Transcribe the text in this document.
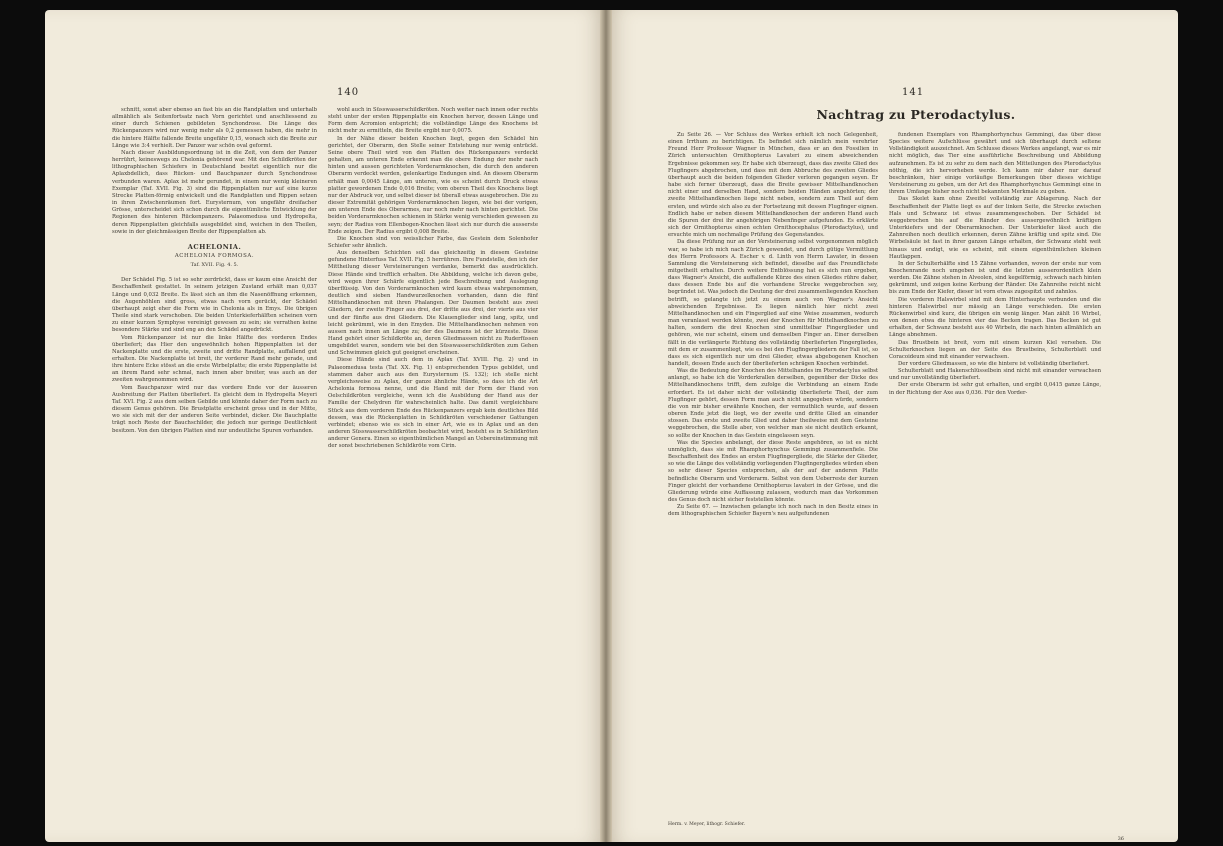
140

schnitt, sonst aber ebenso an fast bis an die Randplatten und unterhalb allmählich als Seitenfortsatz nach Vorn gerichtet und anschliessend zu einer durch Schienen gebildeten Synchondrose. Die Länge des Rückenpanzers wird nur wenig mehr als 0,2 gemessen haben, die mehr in die hintere Hälfte fallende Breite ungefähr 0,15, wonach sich die Breite zur Länge wie 3:4 verhielt. Der Panzer war schön oval geformt.

Nach dieser Ausbildungsordnung ist in die Zeit, von dem der Panzer herrührt, keineswegs zu Chelonia gehörend war. Mit den Schildkröten der lithographischen Schiefers in Deutschland besitzt eigentlich nur die Aplaxbdellich, dass Rücken- und Bauchpanzer durch Synchondrose verbunden waren. Aplax ist mehr gerundet, in einem nur wenig kleineren Exemplar (Taf. XVII. Fig. 3) sind die Rippenplatten nur auf eine kurze Strecke Platten-förmig entwickelt und die Randplatten und Rippen setzen in ihren Zwischenräumen fort. Eurysternum, von ungefähr dreifacher Grösse, unterscheidet sich schon durch die eigentümliche Entwicklung der Regionen des hinteren Rückenpanzers. Palaeomedusa und Hydropelta, deren Rippenplatten gleichfalls ausgebildet sind, weichen in den Theilen, sowie in der gleichmässigen Breite der Rippenplatten ab.

ACHELONIA.

ACHELONIA FORMOSA.

Taf. XVII. Fig. 4. 5.

Der Schädel Fig. 5 ist so sehr zerdrückt, dass er kaum eine Ansicht der Beschaffenheit gestattet. In seinem jetzigen Zustand erhält man 0,037 Länge und 0,032 Breite. Es lässt sich an ihm die Nasenöffnung erkennen, die Augenhöhlen sind gross, etwas nach vorn gerückt, der Schädel überhaupt zeigt eher die Form wie in Chelonia als in Emys. Die übrigen Theile sind stark verschoben. Die beiden Unterkieferhälften scheinen vorn zu einer kurzen Symphyse vereinigt gewesen zu sein; sie verrathen keine besondere Stärke und sind eng an den Schädel angedrückt.

Vom Rückenpanzer ist nur die linke Hälfte des vorderen Endes überliefert; das Hier den ungewöhnlich hohen Rippenplatten ist der Nackenplatte und die erste, zweite und dritte Randplatte, auffallend gut erhalten. Die Nackenplatte ist breit, ihr vorderer Rand mehr gerade, und ihre hintere Ecke stösst an die erste Wirbelplatte; die erste Rippenplatte ist an ihrem Rand sehr schmal, nach innen aber breiter, was auch an der zweiten wahrgenommen wird.

Vom Bauchpanzer wird nur das vordere Ende vor der äusseren Ausbreitung der Platten überliefert. Es gleicht dem in Hydropelta Meyeri Taf. XVI. Fig. 2 aus dem selben Gebilde und könnte daher der Form nach zu diesem Genus gehören. Die Brustplatte erscheint gross und in der Mitte, wo sie sich mit der der anderen Seite verbindet, dicker. Die Bauchplatte trägt noch Reste der Bauchschilder, die jedoch nur geringe Deutlichkeit besitzen. Von den übrigen Platten sind nur undeutliche Spuren vorhanden.

wohl auch in Süsswasserschildkröten. Noch weiter nach innen oder rechts steht unter der ersten Rippenplatte ein Knochen hervor, dessen Länge und Form dem Acromion entspricht; die vollständige Länge des Knochens ist nicht mehr zu ermitteln, die Breite ergibt nur 0,0075.

In der Nähe dieser beiden Knochen liegt, gegen den Schädel hin gerichtet, der Oberarm, den Stelle seiner Entstehung nur wenig entrückt. Seine obere Theil wird von den Platten des Rückenpanzers verdeckt gehalten, am unteren Ende erkennt man die obere Endung der mehr nach hinten und aussen gerichteten Vorderarmknochen, die durch den anderen Oberarm verdeckt werden, gelenkartige Endungen sind. An diesem Oberarm erhält man 0,0045 Länge, am unteren, wie es scheint durch Druck etwas platter gewordenen Ende 0,016 Breite; vom oberen Theil des Knochens liegt nur der Abdruck vor, und selbst dieser ist überall etwas ausgebrochen. Die zu dieser Extremität gehörigen Vorderarmknochen liegen, wie bei der vorigen, am unteren Ende des Oberarmes, nur noch mehr nach hinten gerichtet. Die beiden Vorderarmknochen schienen in Stärke wenig verschieden gewesen zu seyn; der Radius vom Ellenbogen-Knochen lässt sich nur durch die ausserste Ende zeigen. Der Radius ergibt 0,008 Breite.

Die Knochen sind von weisslicher Farbe, das Gestein dem Solenhofer Schiefer sehr ähnlich.

Aus denselben Schichten soll das gleichzeitig in diesem Gesteine gefundene Hinterfuss Taf. XVII. Fig. 5 herrühren. Ihre Fundstelle, den ich der Mittheilung dieser Versteinerungen verdanke, bemerkt das ausdrücklich. Diese Hände sind trefflich erhalten. Die Abbildung, welche ich davon gebe, wird wegen ihrer Schärfe eigentlich jede Beschreibung und Auslegung überflüssig. Von den Vorderarmknochen wird kaum etwas wahrgenommen, deutlich sind sieben Handwurzelknochen vorhanden, dann die fünf Mittelhandknochen mit ihren Phalangen. Der Daumen besteht aus zwei Gliedern, der zweite Finger aus drei, der dritte aus drei, der vierte aus vier und der fünfte aus drei Gliedern. Die Klauenglieder sind lang, spitz, und leicht gekrümmt, wie in den Emyden. Die Mittelhandknochen nehmen von aussen nach innen an Länge zu; der des Daumens ist der kürzeste. Diese Hand gehört einer Schildkröte an, deren Gliedmassen nicht zu Ruderfüssen umgebildet waren, sondern wie bei den Süsswasserschildkröten zum Gehen und Schwimmen gleich gut geeignet erscheinen.

Diese Hände sind auch dem in Aplax (Taf. XVIII. Fig. 2) und in Palaeomedusa testa (Taf. XX. Fig. 1) entsprechenden Typus gebildet, und stammen daher auch aus den Eurysternum (S. 132); ich stelle nicht vergleichsweise zu Aplax, der ganze ähnliche Hände, so dass ich die Art Achelonia formosa nenne, und die Hand mit der Form der Hand von Oelschildkröten vergleiche, wenn ich die Ausbildung der Hand aus der Familie der Chelydren für wahrscheinlich halte. Das damit vergleichbare Stück aus dem vorderen Ende des Rückenpanzers ergab kein deutliches Bild dessen, was die Rückenplatten in Schildkröten verschiedener Gattungen verbindet; ebenso wie es sich in einer Art, wie es in Aplax und an den anderen Süsswasserschildkröten beobachtet wird, besteht es in Schildkröten anderer Genera. Einen so eigenthümlichen Mangel an Uebereinstimmung mit der sonst beschriebenen Schildkröte vom Cirin.

141
Nachtrag zu Pterodactylus.

Zu Seite 26. — Vor Schluss des Werkes erhielt ich noch Gelegenheit, einen Irrthum zu berichtigen. Es befindet sich nämlich mein verehrter Freund Herr Professor Wagner in München, dass er an den Fossilien in Zürich untersuchten Ornithopterus Lavateri zu einem abweichenden Ergebnisse gekommen sey. Er habe sich überzeugt, dass das zweite Glied des Flugfingers abgebrochen, und dass mit dem Abbruche des zweiten Gliedes überhaupt auch die beiden folgenden Glieder verloren gegangen seyen. Er habe sich ferner überzeugt, dass die Breite gewisser Mittelhandknochen nicht einer und derselben Hand, sondern beiden Händen angehörten; der zweite Mittelhandknochen liege nicht neben, sondern zum Theil auf dem ersten, und würde sich also zu der Fortsetzung mit dessen Flugfinger eignen. Endlich habe er neben diesem Mittelhandknochen der anderen Hand auch die Spuren der drei ihr angehörigen Nebenfinger aufgefunden. Es erklärte sich der Ornithopterus einen echten Ornithocephalus (Pterodactylus), und ersuchte mich um nochmalige Prüfung des Gegenstandes.

Da diese Prüfung nur an der Versteinerung selbst vorgenommen möglich war, so habe ich mich nach Zürich gewendet, und durch gütige Vermittlung des Herrn Professors A. Escher v. d. Linth von Herrn Lavater, in dessen Sammlung die Versteinerung sich befindet, dieselbe auf das Freundlichste mitgetheilt erhalten. Durch weitere Entblössung hat es sich nun ergeben, dass Wagner's Ansicht, die auffallende Kürze des einen Gliedes rühre daher, dass dessen Ende bis auf die vorhandene Strecke weggebrochen sey, begründet ist. Was jedoch die Deutung der drei zusammenliegenden Knochen betrifft, so gelangte ich jetzt zu einem auch von Wagner's Ansicht abweichenden Ergebnisse. Es liegen nämlich hier nicht zwei Mittelhandknochen und ein Fingerglied auf eine Weise zusammen, wodurch man veranlasst werden könnte, zwei der Knochen für Mittelhandknochen zu halten, sondern die drei Knochen sind unmittelbar Fingerglieder und gehören, wie nur scheint, einem und demselben Finger an. Einer derselben fällt in die verlängerte Richtung des vollständig überlieferten Fingergliedes, mit dem er zusammenliegt, wie es bei den Flugfingergliedern der Fall ist, so dass es sich eigentlich nur um drei Glieder, etwas abgebogenen Knochen handelt, dessen Ende auch der überlieferten schrägen Knochen verbindet.

Was die Bedeutung der Knochen des Mittelhandes im Pterodactylus selbst anlangt, so habe ich die Vorderkrallen derselben, gegenüber der Dicke des Mittelhandknochens trifft, dem zufolge die Verbindung an einem Ende erfordert. Es ist daher nicht der vollständig überlieferte Theil, der zum Flugfinger gehört, dessen Form man auch nicht angegeben würde, sondern die von mir bisher erwähnte Knochen, der vermuthlich wurde, auf dessen oberen Ende jetzt die liegt, wo der zweite und dritte Glied an einander stossen. Das erste und zweite Glied und daher theilweise mit dem Gesteine weggebrochen, die Stelle aber, von welcher man sie nicht deutlich erkannt, so sollte der Knochen in das Gestein eingelassen seyn.

Was die Species anbelangt, der diese Reste angehören, so ist es nicht unmöglich, dass sie mit Rhamphorhynchus Gemmingi zusammenfiele. Die Beschaffenheit des Endes an ersten Flugfingergliede, die Stärke der Glieder, so wie die Länge des vollständig vorliegenden Flugfingergliedes würden eben so sehr dieser Species entsprechen, als der auf der anderen Platte befindliche Oberarm und Vorderarm. Selbst von dem Ueberreste der kurzen Finger gleicht der vorhandene Ornithopterus lavateri in der Grösse, und die Gliederung würde eine Auffassung zulassen, wodurch man das Vorkommen des Genus doch nicht sicher feststellen könnte.

Zu Seite 67. — Inzwischen gelangte ich noch nach in den Besitz eines in dem lithographischen Schiefer Bayern's neu aufgefundenen

fundenen Exemplars von Rhamphorhynchus Gemmingi, das über diese Species weitere Aufschlüsse gewährt und sich überhaupt durch seltene Vollständigkeit auszeichnet. Am Schlusse dieses Werkes angelangt, war es mir nicht möglich, das Tier eine ausführliche Beschreibung und Abbildung aufzunehmen. Es ist zu sehr zu dem nach den Mitteilungen des Pterodactylus nöthig, die ich hervorheben werde. Ich kann mir daher nur darauf beschränken, hier einige vorläufige Bemerkungen über dieses wichtige Versteinerung zu geben, um der Art des Rhamphorhynchus Gemmingi eine in ihrem Umfange bisher noch nicht bekannten Merkmale zu geben.

Das Skelet kam ohne Zweifel vollständig zur Ablagerung. Nach der Beschaffenheit der Platte liegt es auf der linken Seite, die Strecke zwischen Hals und Schwanz ist etwas zusammengeschoben. Der Schädel ist weggebrochen bis auf die Ränder des aussergewöhnlich kräftigen Unterkiefers und der Oberarmknochen. Der Unterkiefer lässt auch die Zahnreihen noch deutlich erkennen, deren Zähne kräftig und spitz sind. Die Wirbelsäule ist fast in ihrer ganzen Länge erhalten, der Schwanz steht weit hinaus und endigt, wie es scheint, mit einem eigenthümlichen kleinen Hautlappen.

In der Schulterhälfte sind 15 Zähne vorhanden, wovon der erste nur vom Knochenrande noch umgeben ist und die letzten ausserordentlich klein werden. Die Zähne stehen in Alveolen, sind kegelförmig, schwach nach hinten gekrümmt, und zeigen keine Kerbung der Ränder. Die Zahnreihe reicht nicht bis zum Ende der Kiefer, dieser ist vorn etwas zugespitzt und zahnlos.

Die vorderen Halswirbel sind mit dem Hinterhaupte verbunden und die hinteren Halswirbel nur mässig an Länge verschieden. Die ersten Rückenwirbel sind kurz, die übrigen ein wenig länger. Man zählt 16 Wirbel, von denen etwa die hinteren vier das Becken tragen. Das Becken ist gut erhalten, der Schwanz besteht aus 40 Wirbeln, die nach hinten allmählich an Länge abnehmen.

Das Brustbein ist breit, vorn mit einem kurzen Kiel versehen. Die Schulterknochen liegen an der Seite des Brustbeins, Schulterblatt und Coracoideum sind mit einander verwachsen.

Der vordere Gliedmassen, so wie die hintere ist vollständig überliefert.

Schulterblatt und Hakenschlüsselbein sind nicht mit einander verwachsen und nur unvollständig überliefert.

Der erste Oberarm ist sehr gut erhalten, und ergibt 0,0415 ganze Länge, in der Richtung der Axe aus 0,036. Für den Vorder-

Herm. v. Meyer, lithogr. Schiefer.
36
